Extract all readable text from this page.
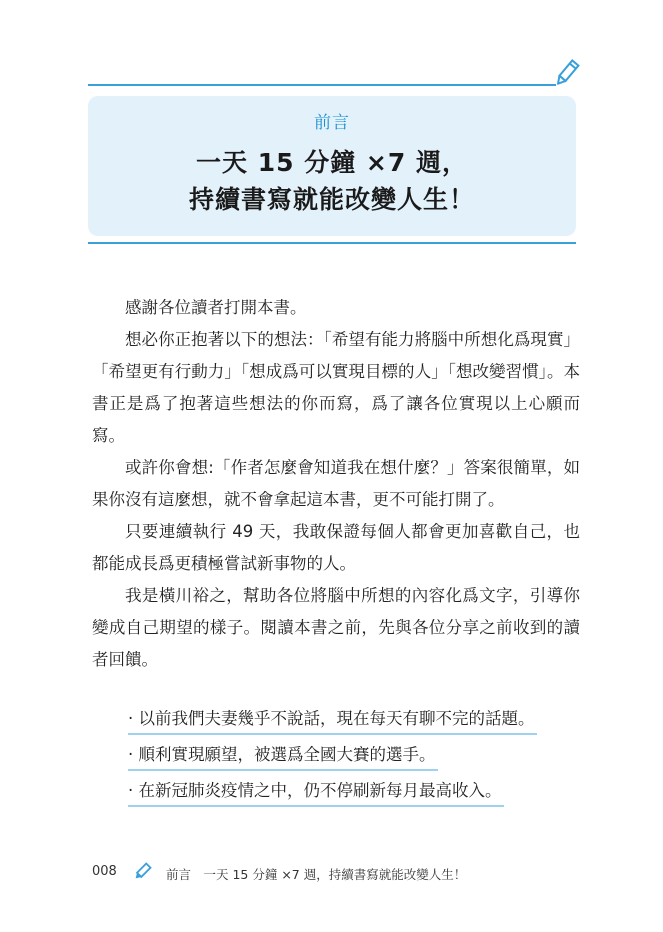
前言
一天 15 分鐘 ×7 週，
持續書寫就能改變人生！

感謝各位讀者打開本書。

想必你正抱著以下的想法：「希望有能力將腦中所想化爲現實」「希望更有行動力」「想成爲可以實現目標的人」「想改變習慣」。本書正是爲了抱著這些想法的你而寫，爲了讓各位實現以上心願而寫。

或許你會想:「作者怎麼會知道我在想什麼？」答案很簡單，如果你沒有這麼想，就不會拿起這本書，更不可能打開了。

只要連續執行 49 天，我敢保證每個人都會更加喜歡自己，也都能成長爲更積極嘗試新事物的人。

我是橫川裕之，幫助各位將腦中所想的內容化爲文字，引導你變成自己期望的樣子。閱讀本書之前，先與各位分享之前收到的讀者回饋。

· 以前我們夫妻幾乎不說話，現在每天有聊不完的話題。
· 順利實現願望，被選爲全國大賽的選手。
· 在新冠肺炎疫情之中，仍不停刷新每月最高收入。
008	前言　一天 15 分鐘 ×7 週，持續書寫就能改變人生！
